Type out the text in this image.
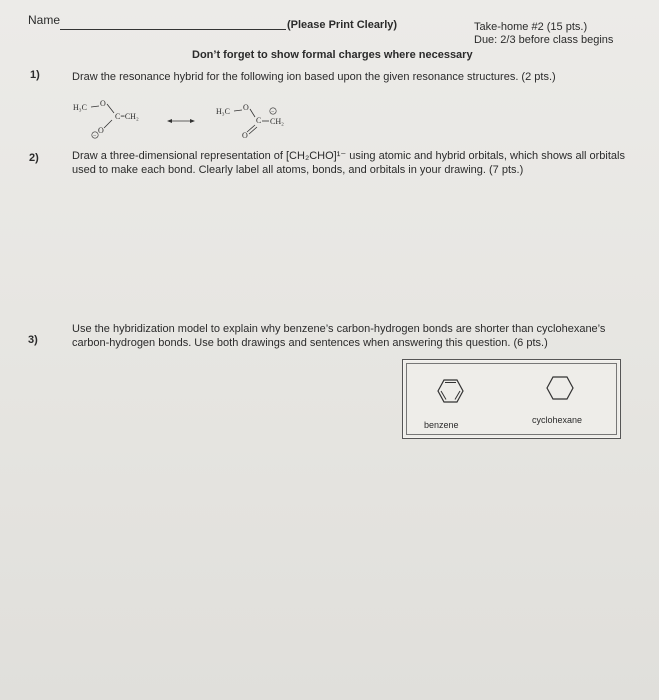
Name	(Please Print Clearly)	Take-home #2 (15 pts.)
Due: 2/3 before class begins
Don’t forget to show formal charges where necessary
1)	Draw the resonance hybrid for the following ion based upon the given resonance structures. (2 pts.)
H₃C O
C=CH₂
O
−
H₃C O
C CH₂
−
O
2)	Draw a three-dimensional representation of [CH₂CHO]¹⁻ using atomic and hybrid orbitals, which shows all orbitals used to make each bond. Clearly label all atoms, bonds, and orbitals in your drawing. (7 pts.)
3)
Use the hybridization model to explain why benzene’s carbon-hydrogen bonds are shorter than cyclohexane’s carbon-hydrogen bonds. Use both drawings and sentences when answering this question. (6 pts.)
benzene	cyclohexane
